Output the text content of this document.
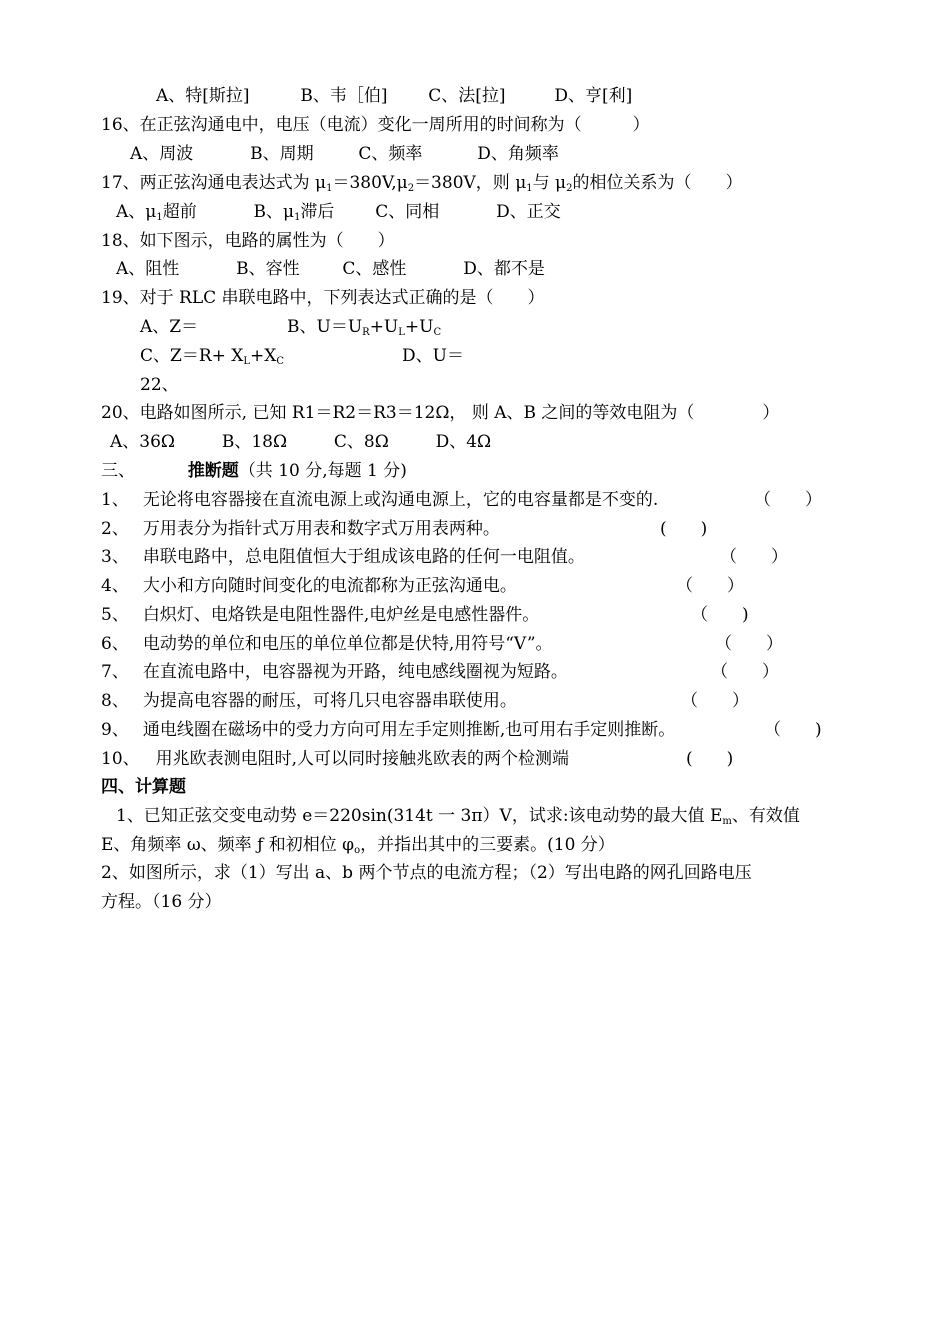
A、特[斯拉]	B、韦［伯] C、法[拉]	D、亨[利]
16、在正弦沟通电中，电压（电流）变化一周所用的时间称为（　　　）
A、周波	B、周期	C、频率	D、角频率
17、两正弦沟通电表达式为 $\mu_1=380V,\mu_2=380V$，则 $\mu_1$与 $\mu_2$的相位关系为（　　）
A、$\mu_1$超前	B、$\mu_1$滞后 C、同相	D、正交
18、如下图示，电路的属性为（　　）
A、阻性	B、容性	C、感性	D、都不是
19、对于 RLC 串联电路中，下列表达式正确的是（　　）
A、Z＝	B、$U=U_R+U_L+U_C$
C、$Z=R+ X_L+X_C$	D、U＝
22、
20、电路如图所示, 已知 R1＝R2＝R3＝12Ω， 则 A、B 之间的等效电阻为（　　　　）
A、36Ω	B、18Ω	C、8Ω	D、4Ω
三、	推断题（共 10 分,每题 1 分)
1、 无论将电容器接在直流电源上或沟通电源上，它的电容量都是不变的.	（　　）
2、 万用表分为指针式万用表和数字式万用表两种。	(　　)
3、 串联电路中，总电阻值恒大于组成该电路的任何一电阻值。	（　　）
4、 大小和方向随时间变化的电流都称为正弦沟通电。	（　　）
5、 白炽灯、电烙铁是电阻性器件,电炉丝是电感性器件。	（　　)
6、 电动势的单位和电压的单位单位都是伏特,用符号“V”。	（　　）
7、 在直流电路中，电容器视为开路，纯电感线圈视为短路。	（　　）
8、 为提高电容器的耐压，可将几只电容器串联使用。	（　　）
9、 通电线圈在磁场中的受力方向可用左手定则推断,也可用右手定则推断。	（　　)
10、 用兆欧表测电阻时,人可以同时接触兆欧表的两个检测端	(　　)
四、计算题
1、已知正弦交变电动势 e＝220sin(314t 一 3π）V，试求:该电动势的最大值 $E_m$、有效值
E、角频率 ω、频率 ƒ 和初相位 $\varphi_o$，并指出其中的三要素。(10 分）
2、如图所示，求（1）写出 a、b 两个节点的电流方程；（2）写出电路的网孔回路电压
方程。（16 分）
